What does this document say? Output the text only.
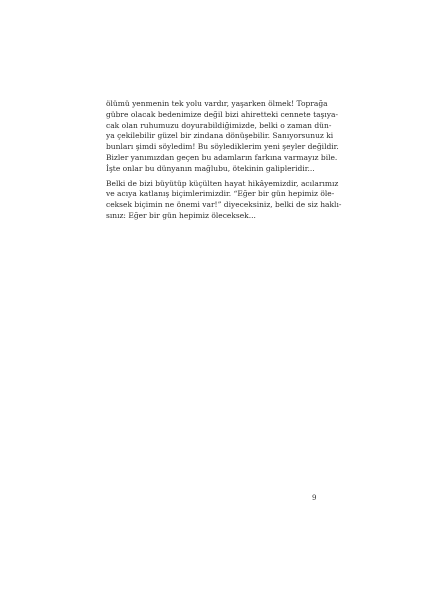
ölümü yenmenin tek yolu vardır, yaşarken ölmek! Toprağa
gübre olacak bedenimize değil bizi ahiretteki cennete taşıya-
cak olan ruhumuzu doyurabildiğimizde, belki o zaman dün-
ya çekilebilir güzel bir zindana dönüşebilir. Sanıyorsunuz ki
bunları şimdi söyledim! Bu söylediklerim yeni şeyler değildir.
Bizler yanımızdan geçen bu adamların farkına varmayız bile.
İşte onlar bu dünyanın mağlubu, ötekinin galipleridir...
Belki de bizi büyütüp küçülten hayat hikâyemizdir, acılarımız
ve acıya katlanış biçimlerimizdir. “Eğer bir gün hepimiz öle-
ceksek biçimin ne önemi var!” diyeceksiniz, belki de siz haklı-
sınız: Eğer bir gün hepimiz öleceksek...
9
